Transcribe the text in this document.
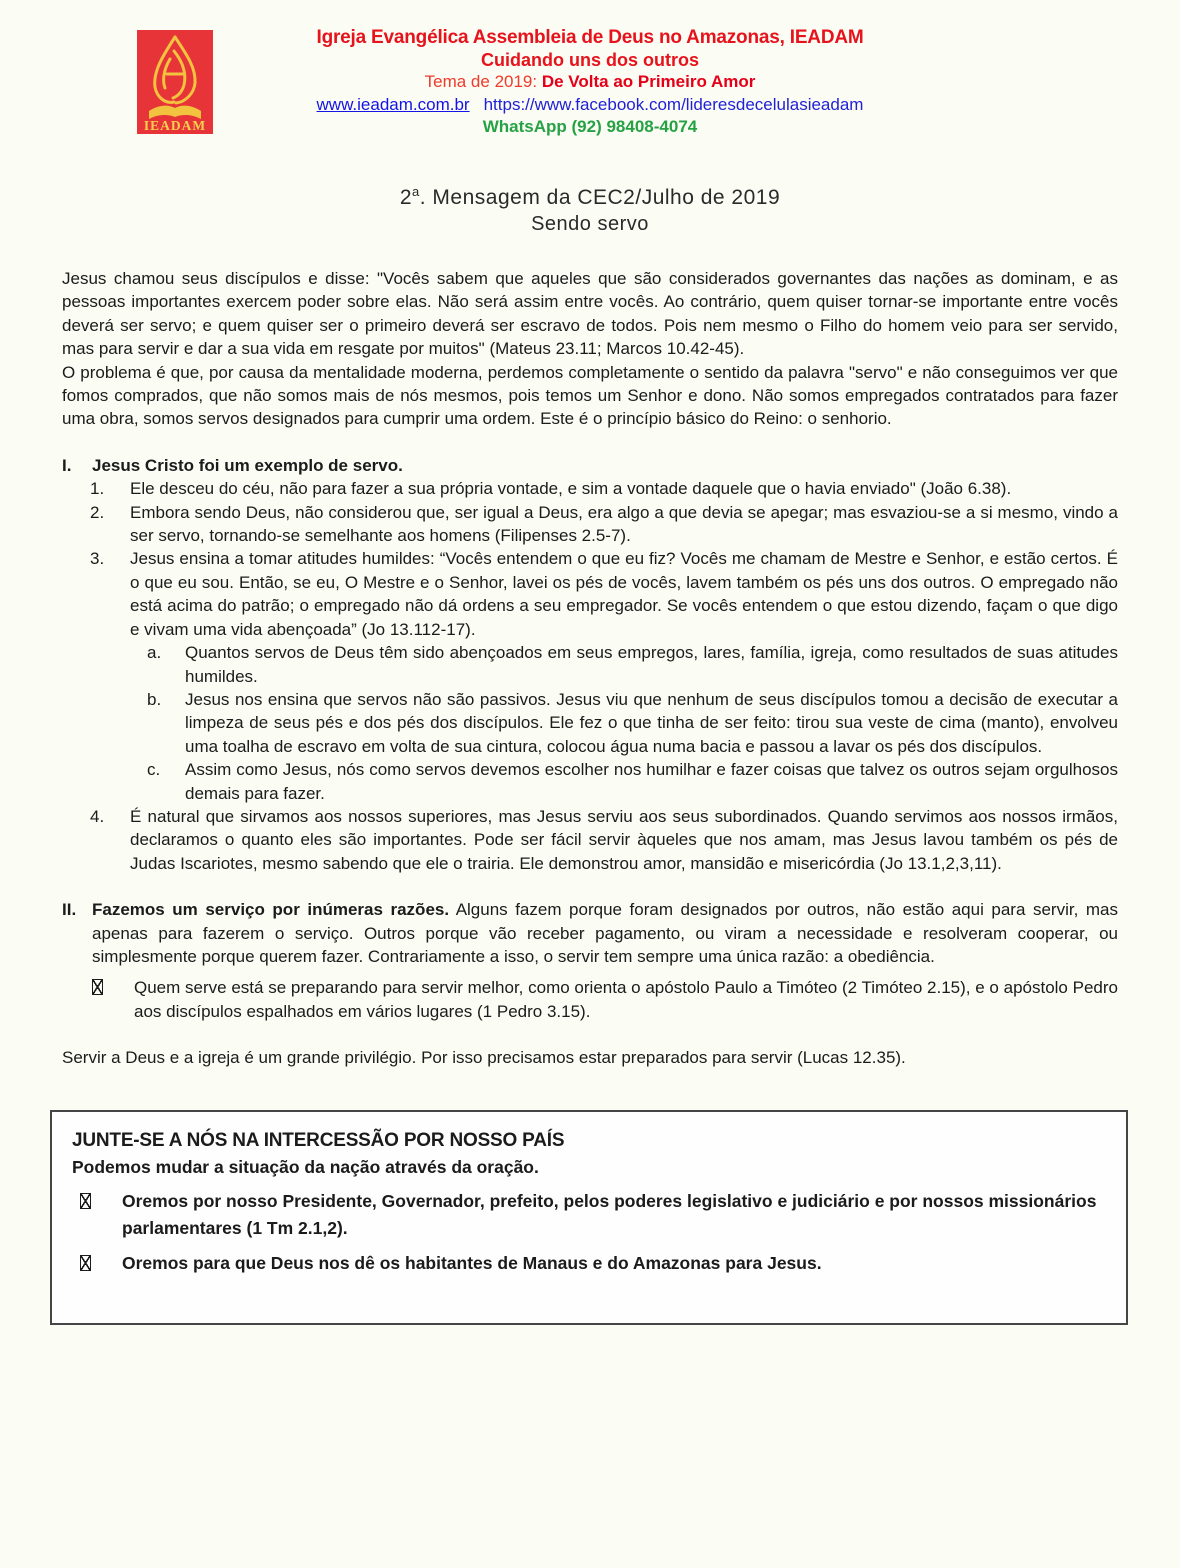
IEADAM
Igreja Evangélica Assembleia de Deus no Amazonas, IEADAM
Cuidando uns dos outros
Tema de 2019: De Volta ao Primeiro Amor
www.ieadam.com.br https://www.facebook.com/lideresdecelulasieadam
WhatsApp (92) 98408-4074
2$^a$. Mensagem da CEC2/Julho de 2019
Sendo servo

Jesus chamou seus discípulos e disse: "Vocês sabem que aqueles que são considerados governantes das nações as dominam, e as pessoas importantes exercem poder sobre elas. Não será assim entre vocês. Ao contrário, quem quiser tornar-se importante entre vocês deverá ser servo; e quem quiser ser o primeiro deverá ser escravo de todos. Pois nem mesmo o Filho do homem veio para ser servido, mas para servir e dar a sua vida em resgate por muitos" (Mateus 23.11; Marcos 10.42-45).

O problema é que, por causa da mentalidade moderna, perdemos completamente o sentido da palavra "servo" e não conseguimos ver que fomos comprados, que não somos mais de nós mesmos, pois temos um Senhor e dono. Não somos empregados contratados para fazer uma obra, somos servos designados para cumprir uma ordem. Este é o princípio básico do Reino: o senhorio.

I. Jesus Cristo foi um exemplo de servo.

1. Ele desceu do céu, não para fazer a sua própria vontade, e sim a vontade daquele que o havia enviado" (João 6.38).

2. Embora sendo Deus, não considerou que, ser igual a Deus, era algo a que devia se apegar; mas esvaziou-se a si mesmo, vindo a ser servo, tornando-se semelhante aos homens (Filipenses 2.5-7).

3. Jesus ensina a tomar atitudes humildes: “Vocês entendem o que eu fiz? Vocês me chamam de Mestre e Senhor, e estão certos. É o que eu sou. Então, se eu, O Mestre e o Senhor, lavei os pés de vocês, lavem também os pés uns dos outros. O empregado não está acima do patrão; o empregado não dá ordens a seu empregador. Se vocês entendem o que estou dizendo, façam o que digo e vivam uma vida abençoada” (Jo 13.112-17).

a. Quantos servos de Deus têm sido abençoados em seus empregos, lares, família, igreja, como resultados de suas atitudes humildes.

b. Jesus nos ensina que servos não são passivos. Jesus viu que nenhum de seus discípulos tomou a decisão de executar a limpeza de seus pés e dos pés dos discípulos. Ele fez o que tinha de ser feito: tirou sua veste de cima (manto), envolveu uma toalha de escravo em volta de sua cintura, colocou água numa bacia e passou a lavar os pés dos discípulos.

c. Assim como Jesus, nós como servos devemos escolher nos humilhar e fazer coisas que talvez os outros sejam orgulhosos demais para fazer.

4. É natural que sirvamos aos nossos superiores, mas Jesus serviu aos seus subordinados. Quando servimos aos nossos irmãos, declaramos o quanto eles são importantes. Pode ser fácil servir àqueles que nos amam, mas Jesus lavou também os pés de Judas Iscariotes, mesmo sabendo que ele o trairia. Ele demonstrou amor, mansidão e misericórdia (Jo 13.1,2,3,11).

II. Fazemos um serviço por inúmeras razões. Alguns fazem porque foram designados por outros, não estão aqui para servir, mas apenas para fazerem o serviço. Outros porque vão receber pagamento, ou viram a necessidade e resolveram cooperar, ou simplesmente porque querem fazer. Contrariamente a isso, o servir tem sempre uma única razão: a obediência.

Quem serve está se preparando para servir melhor, como orienta o apóstolo Paulo a Timóteo (2 Timóteo 2.15), e o apóstolo Pedro aos discípulos espalhados em vários lugares (1 Pedro 3.15).

Servir a Deus e a igreja é um grande privilégio. Por isso precisamos estar preparados para servir (Lucas 12.35).

JUNTE-SE A NÓS NA INTERCESSÃO POR NOSSO PAÍS
Podemos mudar a situação da nação através da oração.

Oremos por nosso Presidente, Governador, prefeito, pelos poderes legislativo e judiciário e por nossos missionários parlamentares (1 Tm 2.1,2).

Oremos para que Deus nos dê os habitantes de Manaus e do Amazonas para Jesus.
